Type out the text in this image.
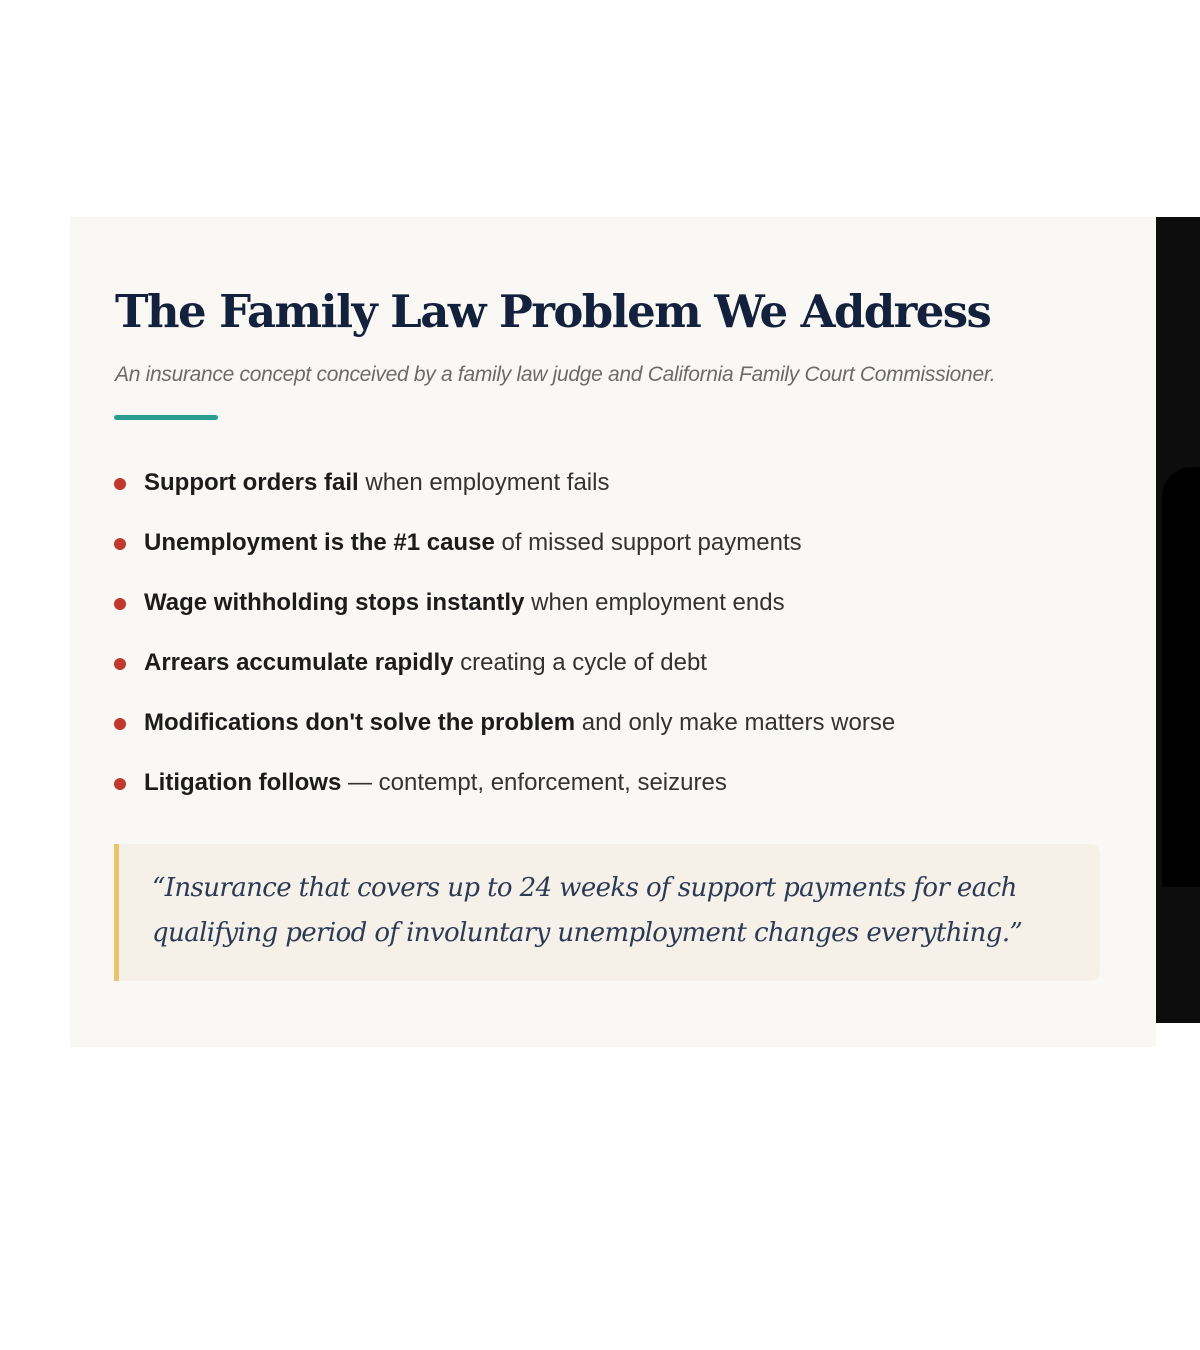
The Family Law Problem We Address

An insurance concept conceived by a family law judge and California Family Court Commissioner.

Support orders fail when employment fails
Unemployment is the #1 cause of missed support payments
Wage withholding stops instantly when employment ends
Arrears accumulate rapidly creating a cycle of debt
Modifications don't solve the problem and only make matters worse
Litigation follows — contempt, enforcement, seizures

“Insurance that covers up to 24 weeks of support payments for each qualifying period of involuntary unemployment changes everything.”
